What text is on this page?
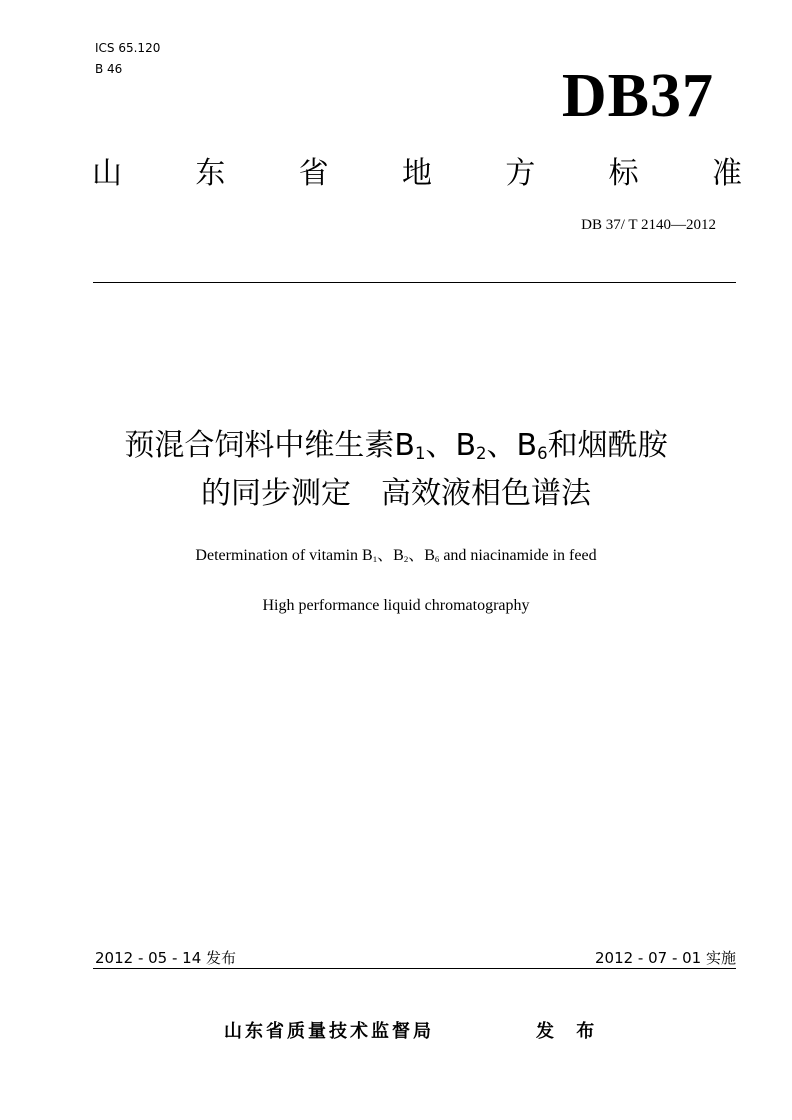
ICS 65.120
B 46	DB37
山 东 省 地 方 标 准
DB 37/ T 2140—2012
预混合饲料中维生素$B_1$、$B_2$、$B_6$和烟酰胺
的同步测定　高效液相色谱法
Determination of vitamin $B_1$、$B_2$、$B_6$ and niacinamide in feed
High performance liquid chromatography
2012 - 05 - 14 发布	2012 - 07 - 01 实施
山东省质量技术监督局	发 布
